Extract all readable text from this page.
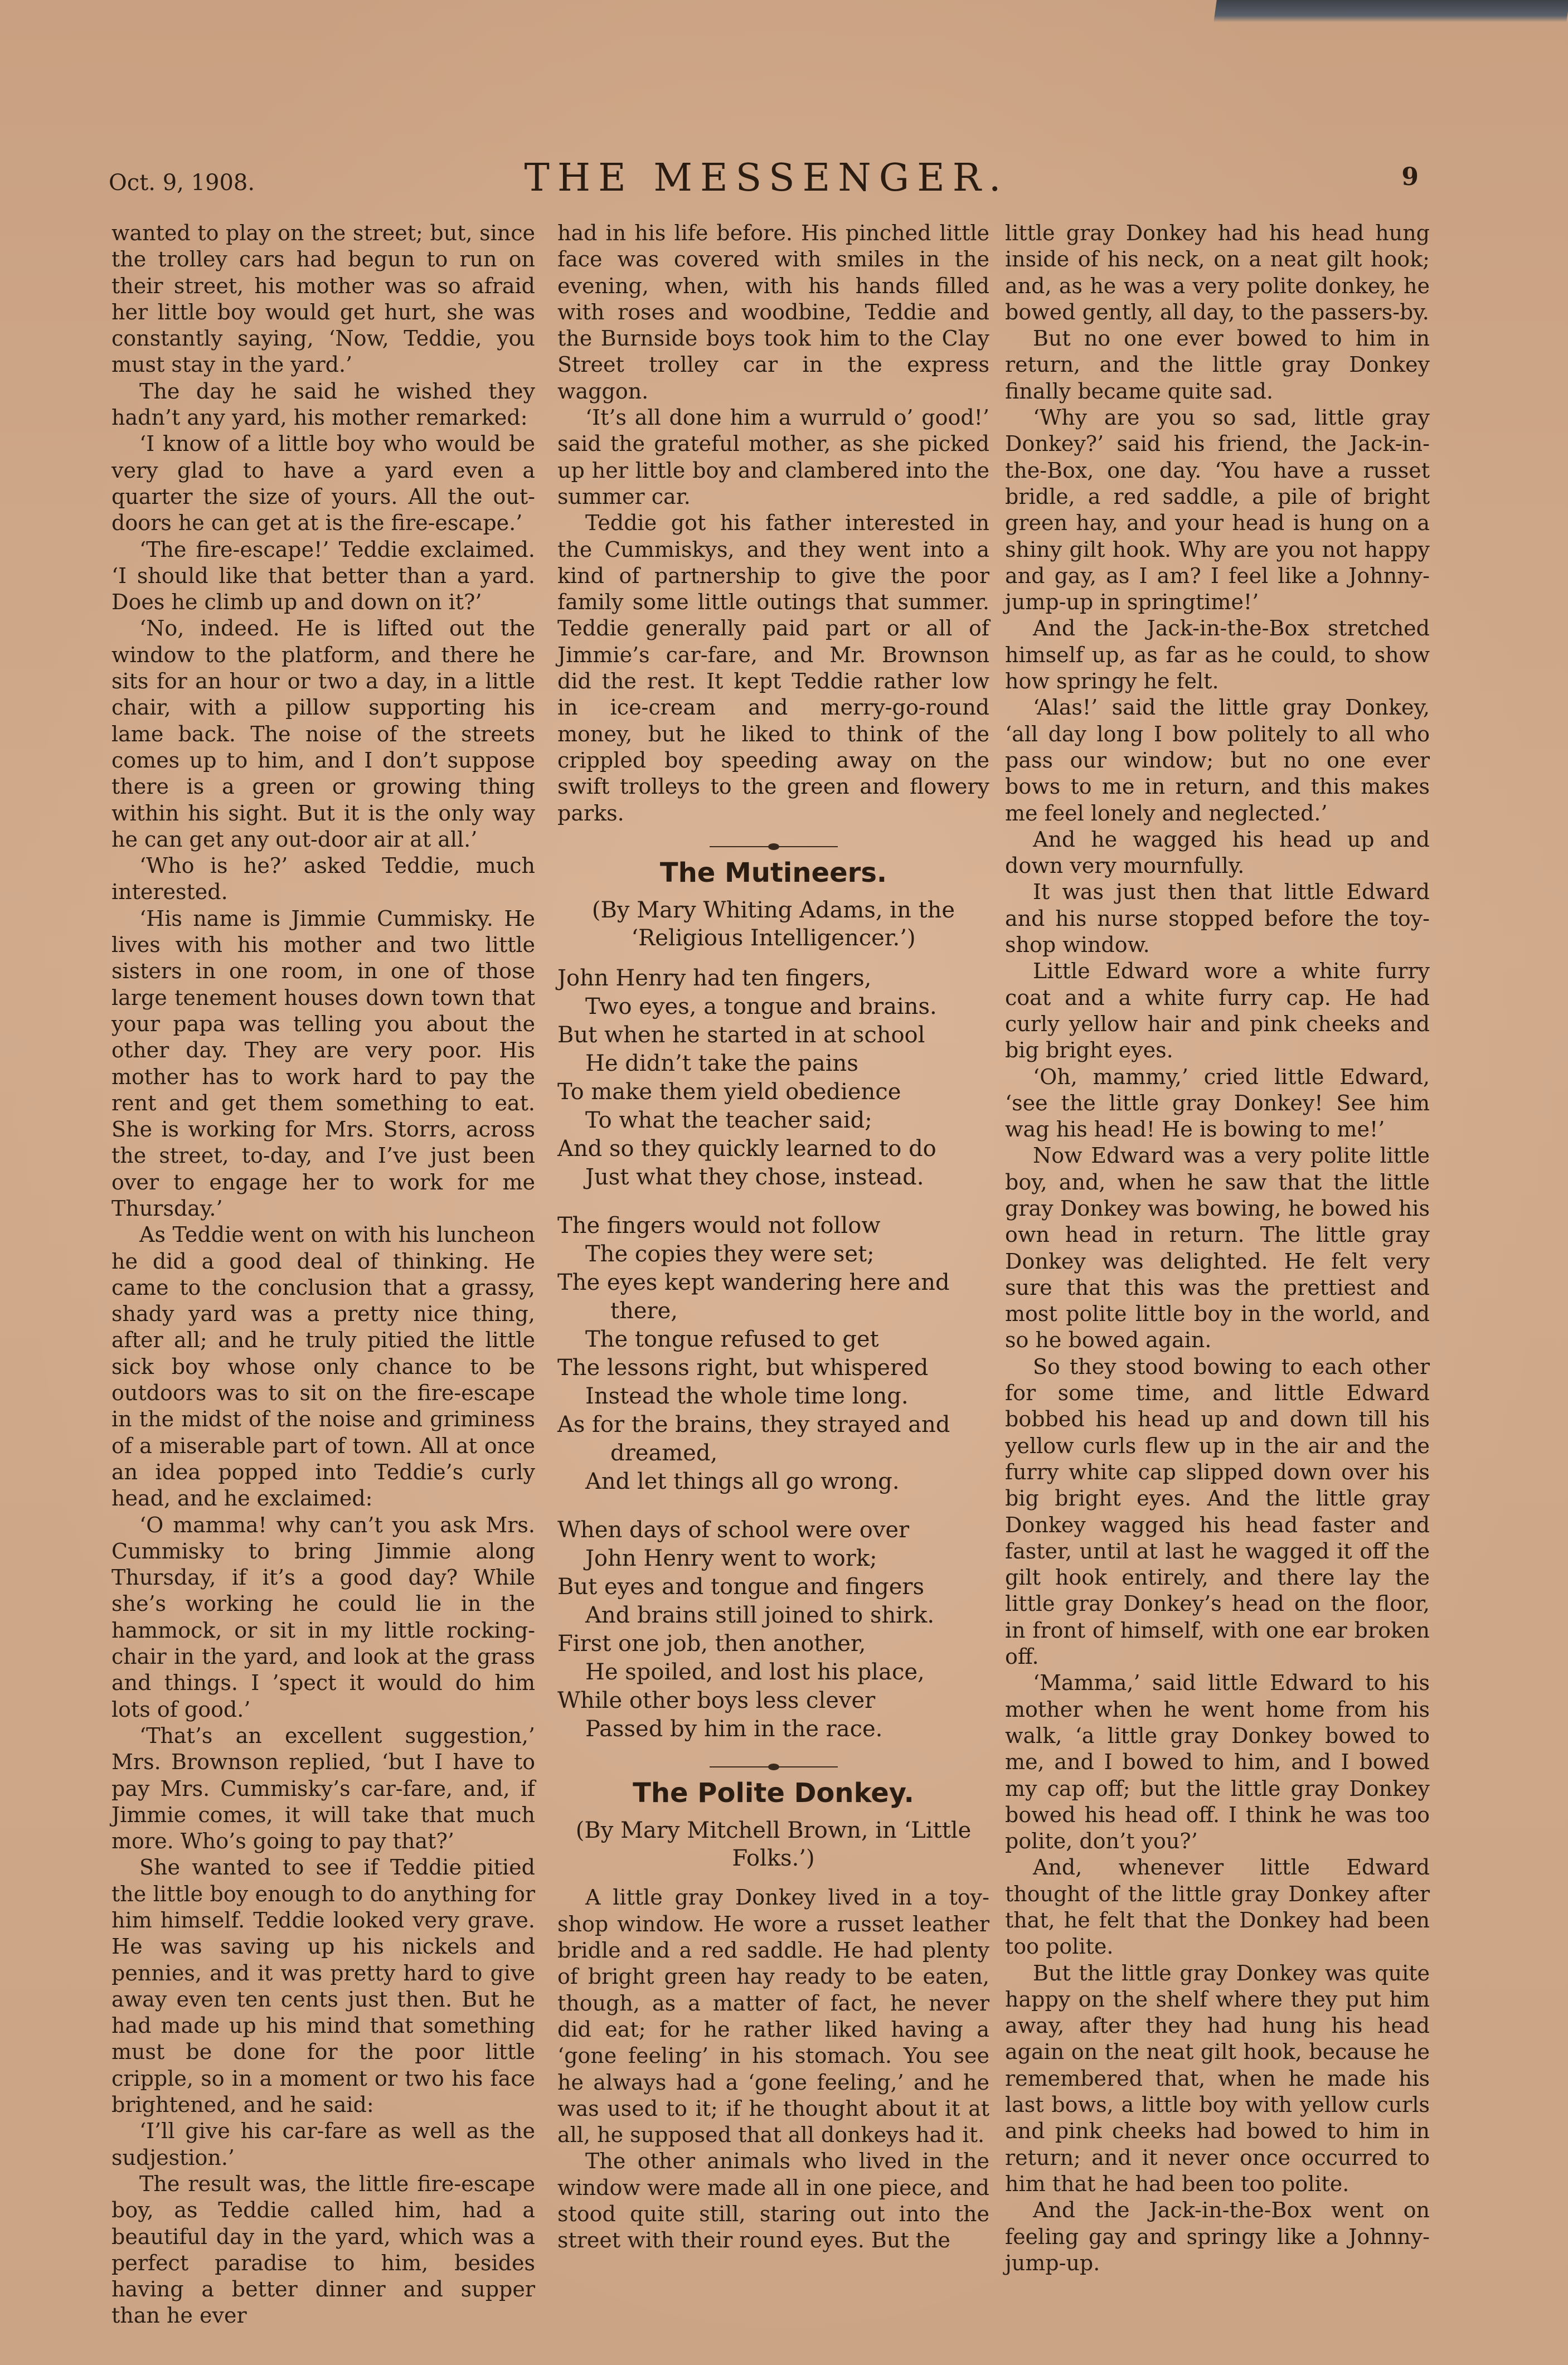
Oct. 9, 1908.	THE MESSENGER.	9

wanted to play on the street; but, since the trolley cars had begun to run on their street, his mother was so afraid her little boy would get hurt, she was constantly saying, ‘Now, Teddie, you must stay in the yard.’

The day he said he wished they hadn’t any yard, his mother remarked:

‘I know of a little boy who would be very glad to have a yard even a quarter the size of yours. All the out-doors he can get at is the fire-escape.’

‘The fire-escape!’ Teddie exclaimed. ‘I should like that better than a yard. Does he climb up and down on it?’

‘No, indeed. He is lifted out the window to the platform, and there he sits for an hour or two a day, in a little chair, with a pillow supporting his lame back. The noise of the streets comes up to him, and I don’t suppose there is a green or growing thing within his sight. But it is the only way he can get any out-door air at all.’

‘Who is he?’ asked Teddie, much interested.

‘His name is Jimmie Cummisky. He lives with his mother and two little sisters in one room, in one of those large tenement houses down town that your papa was telling you about the other day. They are very poor. His mother has to work hard to pay the rent and get them something to eat. She is working for Mrs. Storrs, across the street, to-day, and I’ve just been over to engage her to work for me Thursday.’

As Teddie went on with his luncheon he did a good deal of thinking. He came to the conclusion that a grassy, shady yard was a pretty nice thing, after all; and he truly pitied the little sick boy whose only chance to be outdoors was to sit on the fire-escape in the midst of the noise and griminess of a miserable part of town. All at once an idea popped into Teddie’s curly head, and he exclaimed:

‘O mamma! why can’t you ask Mrs. Cummisky to bring Jimmie along Thursday, if it’s a good day? While she’s working he could lie in the hammock, or sit in my little rocking-chair in the yard, and look at the grass and things. I ’spect it would do him lots of good.’

‘That’s an excellent suggestion,’ Mrs. Brownson replied, ‘but I have to pay Mrs. Cummisky’s car-fare, and, if Jimmie comes, it will take that much more. Who’s going to pay that?’

She wanted to see if Teddie pitied the little boy enough to do anything for him himself. Teddie looked very grave. He was saving up his nickels and pennies, and it was pretty hard to give away even ten cents just then. But he had made up his mind that something must be done for the poor little cripple, so in a moment or two his face brightened, and he said:

‘I’ll give his car-fare as well as the sudjestion.’

The result was, the little fire-escape boy, as Teddie called him, had a beautiful day in the yard, which was a perfect paradise to him, besides having a better dinner and supper than he ever

had in his life before. His pinched little face was covered with smiles in the evening, when, with his hands filled with roses and woodbine, Teddie and the Burnside boys took him to the Clay Street trolley car in the express waggon.

‘It’s all done him a wurruld o’ good!’ said the grateful mother, as she picked up her little boy and clambered into the summer car.

Teddie got his father interested in the Cummiskys, and they went into a kind of partnership to give the poor family some little outings that summer. Teddie generally paid part or all of Jimmie’s car-fare, and Mr. Brownson did the rest. It kept Teddie rather low in ice-cream and merry-go-round money, but he liked to think of the crippled boy speeding away on the swift trolleys to the green and flowery parks.

The Mutineers.
(By Mary Whiting Adams, in the ‘Religious Intelligencer.’)
John Henry had ten fingers,
Two eyes, a tongue and brains.
But when he started in at school
He didn’t take the pains
To make them yield obedience
To what the teacher said;
And so they quickly learned to do
Just what they chose, instead.
The fingers would not follow
The copies they were set;
The eyes kept wandering here and
there,
The tongue refused to get
The lessons right, but whispered
Instead the whole time long.
As for the brains, they strayed and
dreamed,
And let things all go wrong.
When days of school were over
John Henry went to work;
But eyes and tongue and fingers
And brains still joined to shirk.
First one job, then another,
He spoiled, and lost his place,
While other boys less clever
Passed by him in the race.
The Polite Donkey.
(By Mary Mitchell Brown, in ‘Little Folks.’)

A little gray Donkey lived in a toy-shop window. He wore a russet leather bridle and a red saddle. He had plenty of bright green hay ready to be eaten, though, as a matter of fact, he never did eat; for he rather liked having a ‘gone feeling’ in his stomach. You see he always had a ‘gone feeling,’ and he was used to it; if he thought about it at all, he supposed that all donkeys had it.

The other animals who lived in the window were made all in one piece, and stood quite still, staring out into the street with their round eyes. But the

little gray Donkey had his head hung inside of his neck, on a neat gilt hook; and, as he was a very polite donkey, he bowed gently, all day, to the passers-by.

But no one ever bowed to him in return, and the little gray Donkey finally became quite sad.

‘Why are you so sad, little gray Donkey?’ said his friend, the Jack-in-the-Box, one day. ‘You have a russet bridle, a red saddle, a pile of bright green hay, and your head is hung on a shiny gilt hook. Why are you not happy and gay, as I am? I feel like a Johnny-jump-up in springtime!’

And the Jack-in-the-Box stretched himself up, as far as he could, to show how springy he felt.

‘Alas!’ said the little gray Donkey, ‘all day long I bow politely to all who pass our window; but no one ever bows to me in return, and this makes me feel lonely and neglected.’

And he wagged his head up and down very mournfully.

It was just then that little Edward and his nurse stopped before the toy-shop window.

Little Edward wore a white furry coat and a white furry cap. He had curly yellow hair and pink cheeks and big bright eyes.

‘Oh, mammy,’ cried little Edward, ‘see the little gray Donkey! See him wag his head! He is bowing to me!’

Now Edward was a very polite little boy, and, when he saw that the little gray Donkey was bowing, he bowed his own head in return. The little gray Donkey was delighted. He felt very sure that this was the prettiest and most polite little boy in the world, and so he bowed again.

So they stood bowing to each other for some time, and little Edward bobbed his head up and down till his yellow curls flew up in the air and the furry white cap slipped down over his big bright eyes. And the little gray Donkey wagged his head faster and faster, until at last he wagged it off the gilt hook entirely, and there lay the little gray Donkey’s head on the floor, in front of himself, with one ear broken off.

‘Mamma,’ said little Edward to his mother when he went home from his walk, ‘a little gray Donkey bowed to me, and I bowed to him, and I bowed my cap off; but the little gray Donkey bowed his head off. I think he was too polite, don’t you?’

And, whenever little Edward thought of the little gray Donkey after that, he felt that the Donkey had been too polite.

But the little gray Donkey was quite happy on the shelf where they put him away, after they had hung his head again on the neat gilt hook, because he remembered that, when he made his last bows, a little boy with yellow curls and pink cheeks had bowed to him in return; and it never once occurred to him that he had been too polite.

And the Jack-in-the-Box went on feeling gay and springy like a Johnny-jump-up.
